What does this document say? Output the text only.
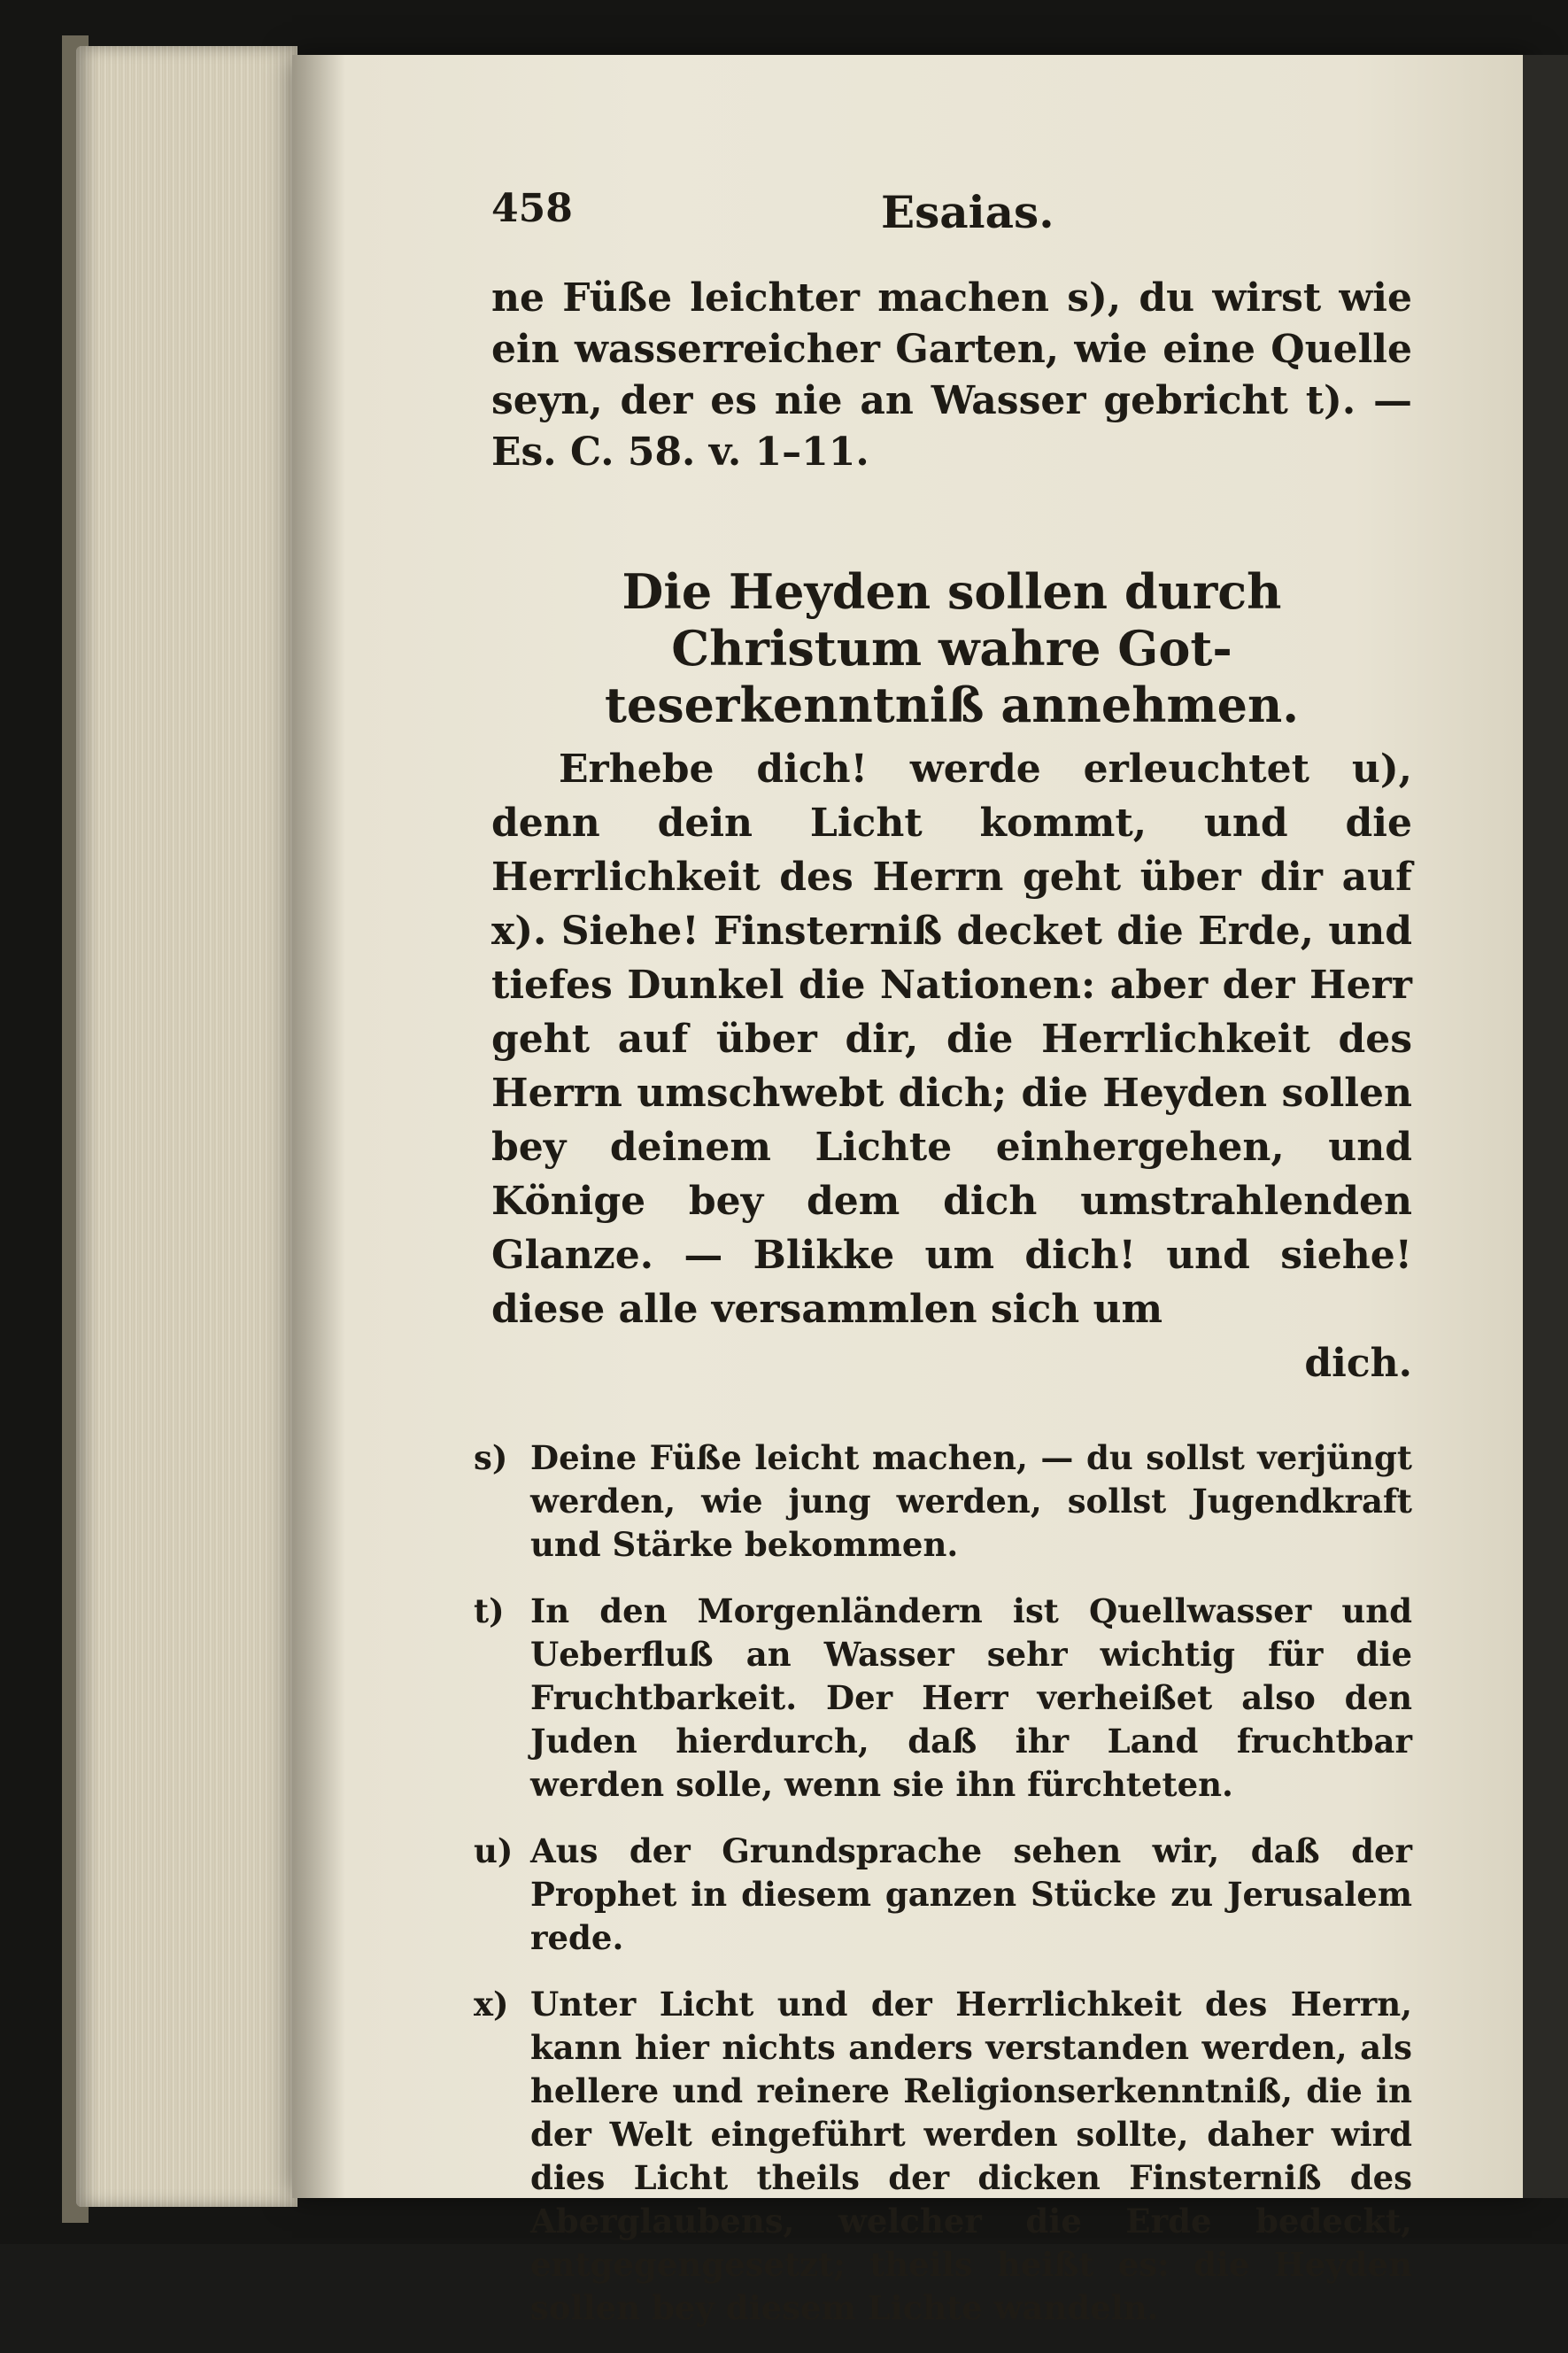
458	Esaias.

ne Füße leichter machen s), du wirst wie ein wasserreicher Garten, wie eine Quelle seyn, der es nie an Wasser gebricht t). — Es. C. 58. v. 1–11.

Die Heyden sollen durch Christum wahre Got-
teserkenntniß annehmen.

Erhebe dich! werde erleuchtet u), denn dein Licht kommt, und die Herrlichkeit des Herrn geht über dir auf x). Siehe! Finsterniß decket die Erde, und tiefes Dunkel die Nationen: aber der Herr geht auf über dir, die Herrlichkeit des Herrn umschwebt dich; die Heyden sollen bey deinem Lichte einhergehen, und Könige bey dem dich umstrahlenden Glanze. — Blikke um dich! und siehe! diese alle versammlen sich um

dich.

s) Deine Füße leicht machen, — du sollst verjüngt werden, wie jung werden, sollst Jugendkraft und Stärke bekommen.
t) In den Morgenländern ist Quellwasser und Ueberfluß an Wasser sehr wichtig für die Fruchtbarkeit. Der Herr verheißet also den Juden hierdurch, daß ihr Land fruchtbar werden solle, wenn sie ihn fürchteten.
u) Aus der Grundsprache sehen wir, daß der Prophet in diesem ganzen Stücke zu Jerusalem rede.
x) Unter Licht und der Herrlichkeit des Herrn, kann hier nichts anders verstanden werden, als hellere und reinere Religionserkenntniß, die in der Welt eingeführt werden sollte, daher wird dies Licht theils der dicken Finsterniß des Aberglaubens, welcher die Erde bedeckt, entgegengesetzt; theils heißt es: die Heyden sollen bey diesem Lichte wandeln.
